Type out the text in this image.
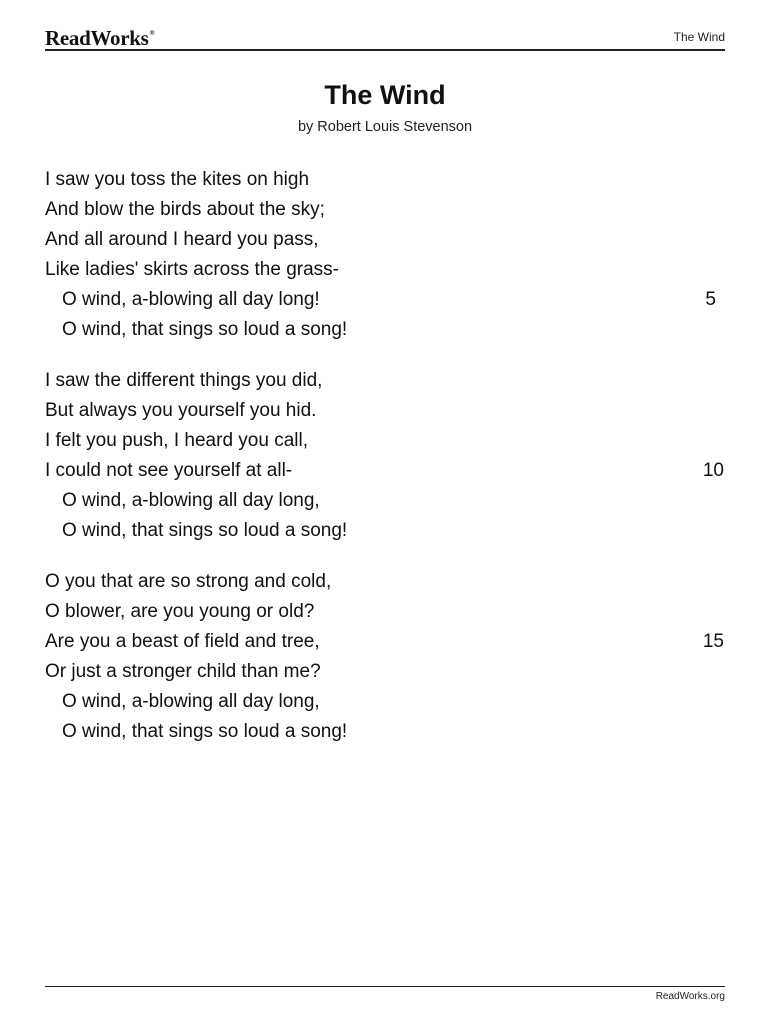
ReadWorks®	The Wind
The Wind
by Robert Louis Stevenson
I saw you toss the kites on high
And blow the birds about the sky;
And all around I heard you pass,
Like ladies' skirts across the grass-
O wind, a-blowing all day long!	5
O wind, that sings so loud a song!
I saw the different things you did,
But always you yourself you hid.
I felt you push, I heard you call,
I could not see yourself at all-	10
O wind, a-blowing all day long,
O wind, that sings so loud a song!
O you that are so strong and cold,
O blower, are you young or old?
Are you a beast of field and tree,	15
Or just a stronger child than me?
O wind, a-blowing all day long,
O wind, that sings so loud a song!
ReadWorks.org
